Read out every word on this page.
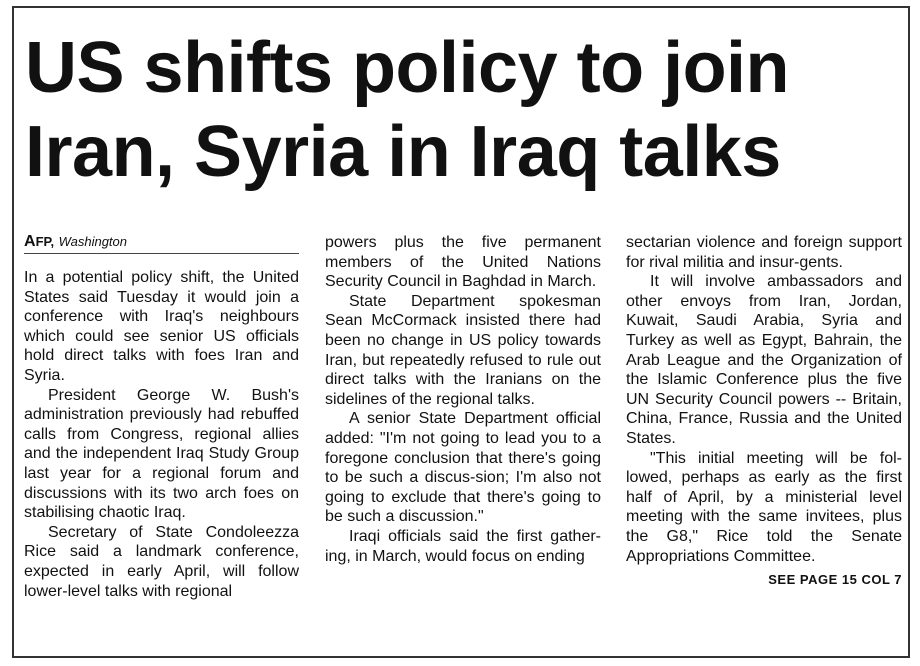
US shifts policy to join
Iran, Syria in Iraq talks
AFP, Washington

In a potential policy shift, the United States said Tuesday it would join a conference with Iraq's neighbours which could see senior US officials hold direct talks with foes Iran and Syria.

President George W. Bush's administration previously had rebuffed calls from Congress, regional allies and the independent Iraq Study Group last year for a regional forum and discussions with its two arch foes on stabilising chaotic Iraq.

Secretary of State Condoleezza Rice said a landmark conference, expected in early April, will follow lower-level talks with regional

powers plus the five permanent members of the United Nations Security Council in Baghdad in March.

State Department spokesman Sean McCormack insisted there had been no change in US policy towards Iran, but repeatedly refused to rule out direct talks with the Iranians on the sidelines of the regional talks.

A senior State Department official added: "I'm not going to lead you to a foregone conclusion that there's going to be such a discus-sion; I'm also not going to exclude that there's going to be such a discussion."

Iraqi officials said the first gather-ing, in March, would focus on ending

sectarian violence and foreign support for rival militia and insur-gents.

It will involve ambassadors and other envoys from Iran, Jordan, Kuwait, Saudi Arabia, Syria and Turkey as well as Egypt, Bahrain, the Arab League and the Organization of the Islamic Conference plus the five UN Security Council powers -- Britain, China, France, Russia and the United States.

"This initial meeting will be fol-lowed, perhaps as early as the first half of April, by a ministerial level meeting with the same invitees, plus the G8," Rice told the Senate Appropriations Committee.

SEE PAGE 15 COL 7
